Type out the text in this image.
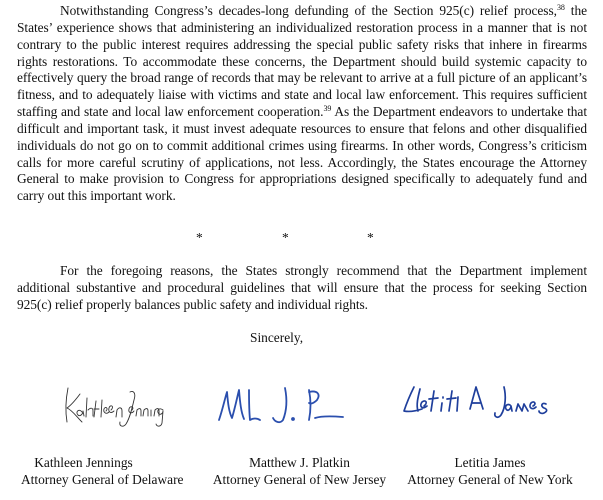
Notwithstanding Congress’s decades-long defunding of the Section 925(c) relief process,$^{38}$ the States’ experience shows that administering an individualized restoration process in a manner that is not contrary to the public interest requires addressing the special public safety risks that inhere in firearms rights restorations. To accommodate these concerns, the Department should build systemic capacity to effectively query the broad range of records that may be relevant to arrive at a full picture of an applicant’s fitness, and to adequately liaise with victims and state and local law enforcement. This requires sufficient staffing and state and local law enforcement cooperation.$^{39}$ As the Department endeavors to undertake that difficult and important task, it must invest adequate resources to ensure that felons and other disqualified individuals do not go on to commit additional crimes using firearms. In other words, Congress’s criticism calls for more careful scrutiny of applications, not less. Accordingly, the States encourage the Attorney General to make provision to Congress for appropriations designed specifically to adequately fund and carry out this important work.

*	*	*

For the foregoing reasons, the States strongly recommend that the Department implement additional substantive and procedural guidelines that will ensure that the process for seeking Section 925(c) relief properly balances public safety and individual rights.

Sincerely,
Kathleen Jennings
Attorney General of Delaware
Matthew J. Platkin
Attorney General of New Jersey
Letitia James
Attorney General of New York
